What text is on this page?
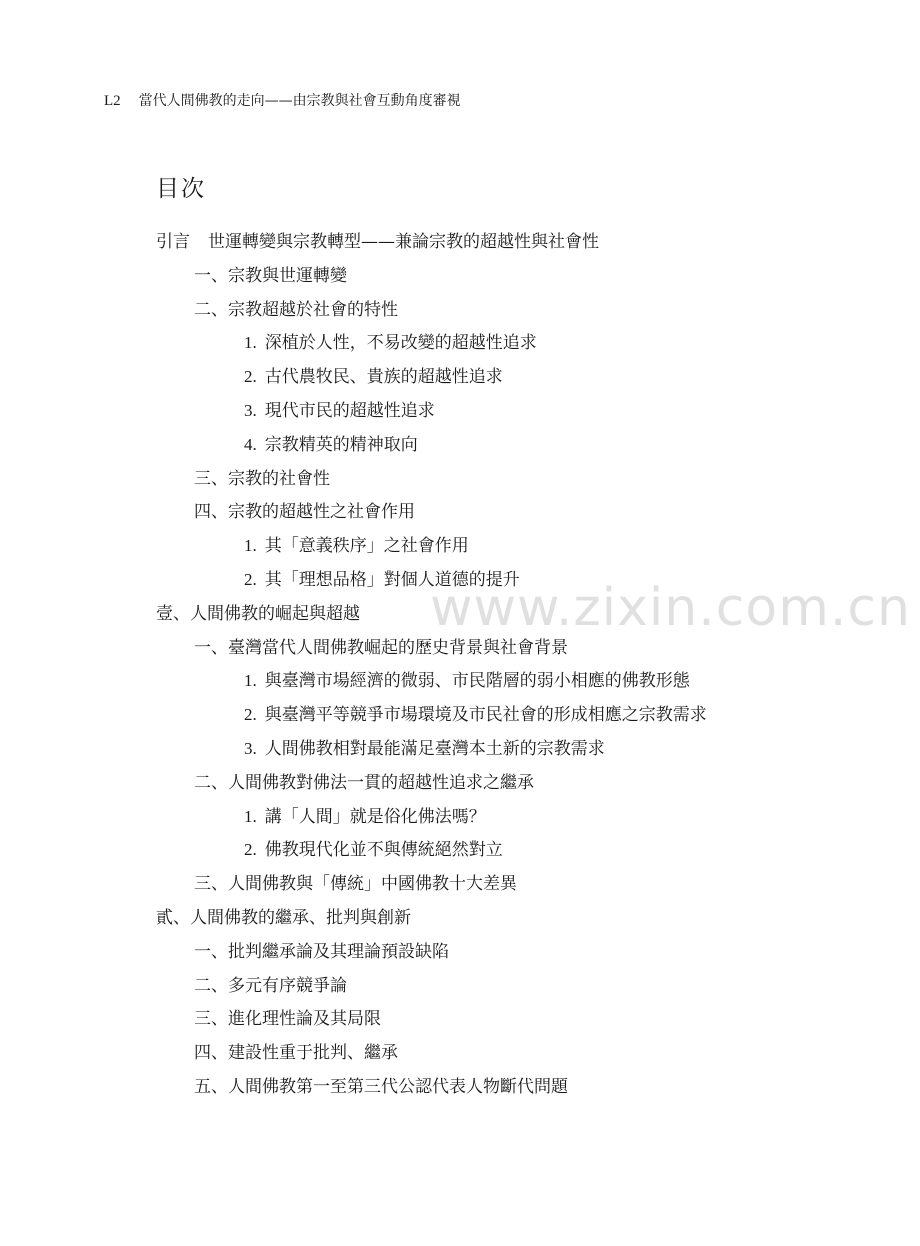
L2 當代人間佛教的走向——由宗教與社會互動角度審視
目次
引言 世運轉變與宗教轉型——兼論宗教的超越性與社會性
一、宗教與世運轉變
二、宗教超越於社會的特性
1. 深植於人性，不易改變的超越性追求
2. 古代農牧民、貴族的超越性追求
3. 現代市民的超越性追求
4. 宗教精英的精神取向
三、宗教的社會性
四、宗教的超越性之社會作用
1. 其「意義秩序」之社會作用
2. 其「理想品格」對個人道德的提升
壹、人間佛教的崛起與超越
一、臺灣當代人間佛教崛起的歷史背景與社會背景
1. 與臺灣市場經濟的微弱、市民階層的弱小相應的佛教形態
2. 與臺灣平等競爭市場環境及市民社會的形成相應之宗教需求
3. 人間佛教相對最能滿足臺灣本土新的宗教需求
二、人間佛教對佛法一貫的超越性追求之繼承
1. 講「人間」就是俗化佛法嗎？
2. 佛教現代化並不與傳統絕然對立
三、人間佛教與「傳統」中國佛教十大差異
貳、人間佛教的繼承、批判與創新
一、批判繼承論及其理論預設缺陷
二、多元有序競爭論
三、進化理性論及其局限
四、建設性重于批判、繼承
五、人間佛教第一至第三代公認代表人物斷代問題
www.zixin.com.cn
